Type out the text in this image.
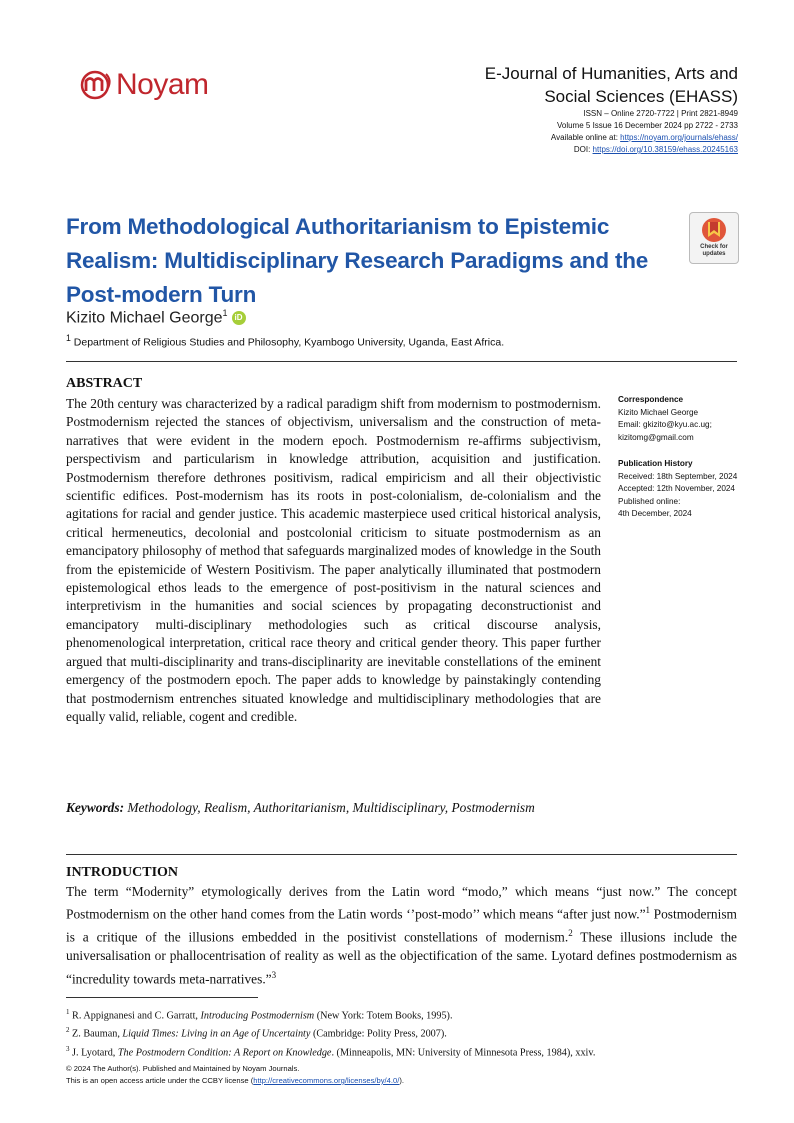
Noyam	E-Journal of Humanities, Arts and
Social Sciences (EHASS)
ISSN – Online 2720-7722 | Print 2821-8949
Volume 5 Issue 16 December 2024 pp 2722 - 2733
Available online at: https://noyam.org/journals/ehass/
DOI: https://doi.org/10.38159/ehass.20245163
From Methodological Authoritarianism to Epistemic Realism: Multidisciplinary Research Paradigms and the Post-modern Turn
Check for updates
Kizito Michael George$^1$ iD
$^1$ Department of Religious Studies and Philosophy, Kyambogo University, Uganda, East Africa.
ABSTRACT
The 20th century was characterized by a radical paradigm shift from modernism to postmodernism. Postmodernism rejected the stances of objectivism, universalism and the construction of meta-narratives that were evident in the modern epoch. Postmodernism re-affirms subjectivism, perspectivism and particularism in knowledge attribution, acquisition and justification. Postmodernism therefore dethrones positivism, radical empiricism and all their objectivistic scientific edifices. Post-modernism has its roots in post-colonialism, de-colonialism and the agitations for racial and gender justice. This academic masterpiece used critical historical analysis, critical hermeneutics, decolonial and postcolonial criticism to situate postmodernism as an emancipatory philosophy of method that safeguards marginalized modes of knowledge in the South from the epistemicide of Western Positivism. The paper analytically illuminated that postmodern epistemological ethos leads to the emergence of post-positivism in the natural sciences and interpretivism in the humanities and social sciences by propagating deconstructionist and emancipatory multi-disciplinary methodologies such as critical discourse analysis, phenomenological interpretation, critical race theory and critical gender theory. This paper further argued that multi-disciplinarity and trans-disciplinarity are inevitable constellations of the eminent emergency of the postmodern epoch. The paper adds to knowledge by painstakingly contending that postmodernism entrenches situated knowledge and multidisciplinary methodologies that are equally valid, reliable, cogent and credible.
Keywords: Methodology, Realism, Authoritarianism, Multidisciplinary, Postmodernism
Correspondence
Kizito Michael George
Email: gkizito@kyu.ac.ug; kizitomg@gmail.com
Publication History
Received: 18th September, 2024
Accepted: 12th November, 2024
Published online:
4th December, 2024
INTRODUCTION
The term “Modernity” etymologically derives from the Latin word “modo,” which means “just now.” The concept Postmodernism on the other hand comes from the Latin words ‘’post-modo’’ which means “after just now.”$^1$ Postmodernism is a critique of the illusions embedded in the positivist constellations of modernism.$^2$ These illusions include the universalisation or phallocentrisation of reality as well as the objectification of the same. Lyotard defines postmodernism as “incredulity towards meta-narratives.”$^3$
$^1$ R. Appignanesi and C. Garratt, Introducing Postmodernism (New York: Totem Books, 1995).
$^2$ Z. Bauman, Liquid Times: Living in an Age of Uncertainty (Cambridge: Polity Press, 2007).
$^3$ J. Lyotard, The Postmodern Condition: A Report on Knowledge. (Minneapolis, MN: University of Minnesota Press, 1984), xxiv.
© 2024 The Author(s). Published and Maintained by Noyam Journals.
This is an open access article under the CCBY license (http://creativecommons.org/licenses/by/4.0/).
